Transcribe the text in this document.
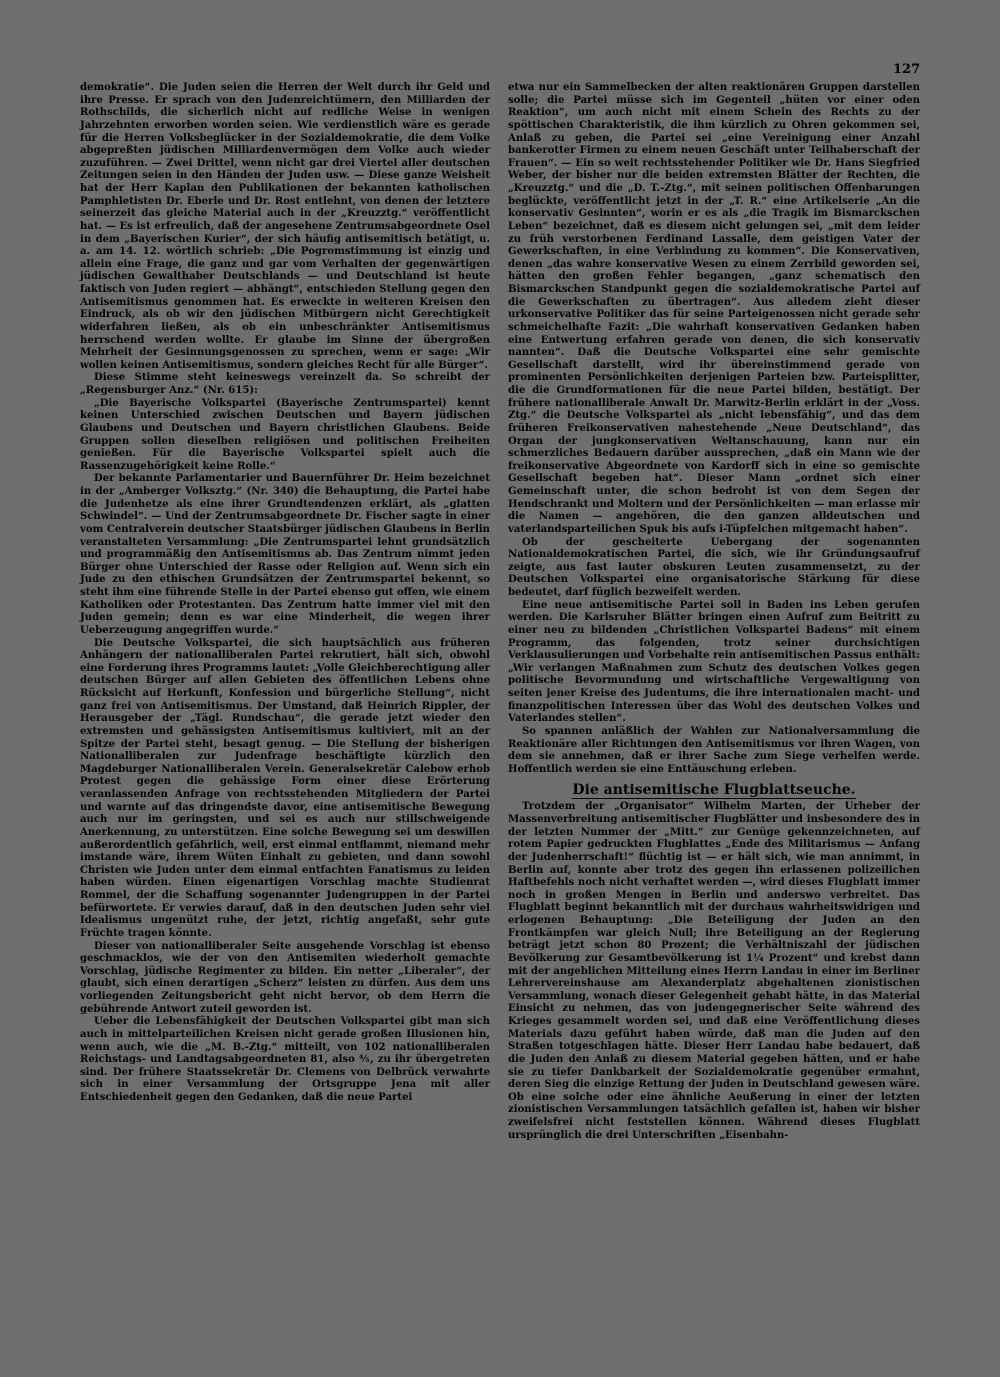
127

demokratie“. Die Juden seien die Herren der Welt durch ihr Geld und ihre Presse. Er sprach von den Judenreichtümern, den Milliarden der Rothschilds, die sicherlich nicht auf redliche Weise in wenigen Jahrzehnten erworben worden seien. Wie verdienstlich wäre es gerade für die Herren Volksbeglücker in der Sozialdemokratie, die dem Volke abgepreßten jüdischen Milliardenvermögen dem Volke auch wieder zuzuführen. — Zwei Drittel, wenn nicht gar drei Viertel aller deutschen Zeitungen seien in den Händen der Juden usw. — Diese ganze Weisheit hat der Herr Kaplan den Publikationen der bekannten katholischen Pamphletisten Dr. Eberle und Dr. Rost entlehnt, von denen der letztere seinerzeit das gleiche Material auch in der „Kreuzztg.“ veröffentlicht hat. — Es ist erfreulich, daß der angesehene Zentrumsabgeordnete Osel in dem „Bayerischen Kurier“, der sich häufig antisemitisch betätigt, u. a. am 14. 12. wörtlich schrieb: „Die Pogromstimmung ist einzig und allein eine Frage, die ganz und gar vom Verhalten der gegenwärtigen jüdischen Gewalthaber Deutschlands — und Deutschland ist heute faktisch von Juden regiert — abhängt“, entschieden Stellung gegen den Antisemitismus genommen hat. Es erweckte in weiteren Kreisen den Eindruck, als ob wir den jüdischen Mitbürgern nicht Gerechtigkeit widerfahren ließen, als ob ein unbeschränkter Antisemitismus herrschend werden wollte. Er glaube im Sinne der übergroßen Mehrheit der Gesinnungsgenossen zu sprechen, wenn er sage: „Wir wollen keinen Antisemitismus, sondern gleiches Recht für alle Bürger“.

Diese Stimme steht keineswegs vereinzelt da. So schreibt der „Regensburger Anz.“ (Nr. 615):

„Die Bayerische Volkspartei (Bayerische Zentrumspartei) kennt keinen Unterschied zwischen Deutschen und Bayern jüdischen Glaubens und Deutschen und Bayern christlichen Glaubens. Beide Gruppen sollen dieselben religiösen und politischen Freiheiten genießen. Für die Bayerische Volkspartei spielt auch die Rassenzugehörigkeit keine Rolle.“

Der bekannte Parlamentarier und Bauernführer Dr. Heim bezeichnet in der „Amberger Volksztg.“ (Nr. 340) die Behauptung, die Partei habe die Judenhetze als eine ihrer Grundtendenzen erklärt, als „glatten Schwindel“. — Und der Zentrumsabgeordnete Dr. Fischer sagte in einer vom Centralverein deutscher Staatsbürger jüdischen Glaubens in Berlin veranstalteten Versammlung: „Die Zentrumspartei lehnt grundsätzlich und programmäßig den Antisemitismus ab. Das Zentrum nimmt jeden Bürger ohne Unterschied der Rasse oder Religion auf. Wenn sich ein Jude zu den ethischen Grundsätzen der Zentrumspartei bekennt, so steht ihm eine führende Stelle in der Partei ebenso gut offen, wie einem Katholiken oder Protestanten. Das Zentrum hatte immer viel mit den Juden gemein; denn es war eine Minderheit, die wegen ihrer Ueberzeugung angegriffen wurde.“

Die Deutsche Volkspartei, die sich hauptsächlich aus früheren Anhängern der nationalliberalen Partei rekrutiert, hält sich, obwohl eine Forderung ihres Programms lautet: „Volle Gleichberechtigung aller deutschen Bürger auf allen Gebieten des öffentlichen Lebens ohne Rücksicht auf Herkunft, Konfession und bürgerliche Stellung“, nicht ganz frei von Antisemitismus. Der Umstand, daß Heinrich Rippler, der Herausgeber der „Tägl. Rundschau“, die gerade jetzt wieder den extremsten und gehässigsten Antisemitismus kultiviert, mit an der Spitze der Partei steht, besagt genug. — Die Stellung der bisherigen Nationalliberalen zur Judenfrage beschäftigte kürzlich den Magdeburger Nationalliberalen Verein. Generalsekretär Calebow erhob Protest gegen die gehässige Form einer diese Erörterung veranlassenden Anfrage von rechtsstehenden Mitgliedern der Partei und warnte auf das dringendste davor, eine antisemitische Bewegung auch nur im geringsten, und sei es auch nur stillschweigende Anerkennung, zu unterstützen. Eine solche Bewegung sei um deswillen außerordentlich gefährlich, weil, erst einmal entflammt, niemand mehr imstande wäre, ihrem Wüten Einhalt zu gebieten, und dann sowohl Christen wie Juden unter dem einmal entfachten Fanatismus zu leiden haben würden. Einen eigenartigen Vorschlag machte Studienrat Rommel, der die Schaffung sogenannter Judengruppen in der Partei befürwortete. Er verwies darauf, daß in den deutschen Juden sehr viel Idealismus ungenützt ruhe, der jetzt, richtig angefaßt, sehr gute Früchte tragen könnte.

Dieser von nationalliberaler Seite ausgehende Vorschlag ist ebenso geschmacklos, wie der von den Antisemiten wiederholt gemachte Vorschlag, jüdische Regimenter zu bilden. Ein netter „Liberaler“, der glaubt, sich einen derartigen „Scherz“ leisten zu dürfen. Aus dem uns vorliegenden Zeitungsbericht geht nicht hervor, ob dem Herrn die gebührende Antwort zuteil geworden ist.

Ueber die Lebensfähigkeit der Deutschen Volkspartei gibt man sich auch in mittelparteilichen Kreisen nicht gerade großen Illusionen hin, wenn auch, wie die „M. B.-Ztg.“ mitteilt, von 102 nationalliberalen Reichstags- und Landtagsabgeordneten 81, also ⅘, zu ihr übergetreten sind. Der frühere Staatssekretär Dr. Clemens von Delbrück verwahrte sich in einer Versammlung der Ortsgruppe Jena mit aller Entschiedenheit gegen den Gedanken, daß die neue Partei

etwa nur ein Sammelbecken der alten reaktionären Gruppen darstellen solle; die Partei müsse sich im Gegenteil „hüten vor einer oden Reaktion“, um auch nicht mit einem Schein des Rechts zu der spöttischen Charakteristik, die ihm kürzlich zu Ohren gekommen sei, Anlaß zu geben, die Partei sei „eine Vereinigung einer Anzahl bankerotter Firmen zu einem neuen Geschäft unter Teilhaberschaft der Frauen“. — Ein so weit rechtsstehender Politiker wie Dr. Hans Siegfried Weber, der bisher nur die beiden extremsten Blätter der Rechten, die „Kreuzztg.“ und die „D. T.-Ztg.“, mit seinen politischen Offenbarungen beglückte, veröffentlicht jetzt in der „T. R.“ eine Artikelserie „An die konservativ Gesinnten“, worin er es als „die Tragik im Bismarckschen Leben“ bezeichnet, daß es diesem nicht gelungen sei, „mit dem leider zu früh verstorbenen Ferdinand Lassalle, dem geistigen Vater der Gewerkschaften, in eine Verbindung zu kommen“. Die Konservativen, denen „das wahre konservative Wesen zu einem Zerrbild geworden sei, hätten den großen Fehler begangen, „ganz schematisch den Bismarckschen Standpunkt gegen die sozialdemokratische Partei auf die Gewerkschaften zu übertragen“. Aus alledem zieht dieser urkonservative Politiker das für seine Parteigenossen nicht gerade sehr schmeichelhafte Fazit: „Die wahrhaft konservativen Gedanken haben eine Entwertung erfahren gerade von denen, die sich konservativ nannten“. Daß die Deutsche Volkspartei eine sehr gemischte Gesellschaft darstellt, wird ihr übereinstimmend gerade von prominenten Persönlichkeiten derjenigen Parteien bzw. Parteisplitter, die die Grundformationen für die neue Partei bilden, bestätigt. Der frühere nationalliberale Anwalt Dr. Marwitz-Berlin erklärt in der „Voss. Ztg.“ die Deutsche Volkspartei als „nicht lebensfähig“, und das dem früheren Freikonservativen nahestehende „Neue Deutschland“, das Organ der jungkonservativen Weltanschauung, kann nur ein schmerzliches Bedauern darüber aussprechen, „daß ein Mann wie der freikonservative Abgeordnete von Kardorff sich in eine so gemischte Gesellschaft begeben hat“. Dieser Mann „ordnet sich einer Gemeinschaft unter, die schon bedroht ist von dem Segen der Hendschrankt und Moltern und der Persönlichkeiten — man erlasse mir die Namen — angehören, die den ganzen alldeutschen und vaterlandsparteilichen Spuk bis aufs i-Tüpfelchen mitgemacht haben“.

Ob der gescheiterte Uebergang der sogenannten Nationaldemokratischen Partei, die sich, wie ihr Gründungsaufruf zeigte, aus fast lauter obskuren Leuten zusammensetzt, zu der Deutschen Volkspartei eine organisatorische Stärkung für diese bedeutet, darf füglich bezweifelt werden.

Eine neue antisemitische Partei soll in Baden ins Leben gerufen werden. Die Karlsruher Blätter bringen einen Aufruf zum Beitritt zu einer neu zu bildenden „Christlichen Volkspartei Badens“ mit einem Programm, das folgenden, trotz seiner durchsichtigen Verklausulierungen und Vorbehalte rein antisemitischen Passus enthält: „Wir verlangen Maßnahmen zum Schutz des deutschen Volkes gegen politische Bevormundung und wirtschaftliche Vergewaltigung von seiten jener Kreise des Judentums, die ihre internationalen macht- und finanzpolitischen Interessen über das Wohl des deutschen Volkes und Vaterlandes stellen“.

So spannen anläßlich der Wahlen zur Nationalversammlung die Reaktionäre aller Richtungen den Antisemitismus vor ihren Wagen, von dem sie annehmen, daß er ihrer Sache zum Siege verhelfen werde. Hoffentlich werden sie eine Enttäuschung erleben.

Die antisemitische Flugblattseuche.

Trotzdem der „Organisator“ Wilhelm Marten, der Urheber der Massenverbreitung antisemitischer Flugblätter und insbesondere des in der letzten Nummer der „Mitt.“ zur Genüge gekennzeichneten, auf rotem Papier gedruckten Flugblattes „Ende des Militarismus — Anfang der Judenherrschaft!“ flüchtig ist — er hält sich, wie man annimmt, in Berlin auf, konnte aber trotz des gegen ihn erlassenen polizeilichen Haftbefehls noch nicht verhaftet werden —, wird dieses Flugblatt immer noch in großen Mengen in Berlin und anderswo verbreitet. Das Flugblatt beginnt bekanntlich mit der durchaus wahrheitswidrigen und erlogenen Behauptung: „Die Beteiligung der Juden an den Frontkämpfen war gleich Null; ihre Beteiligung an der Regierung beträgt jetzt schon 80 Prozent; die Verhältniszahl der jüdischen Bevölkerung zur Gesamtbevölkerung ist 1¼ Prozent“ und krebst dann mit der angeblichen Mitteilung eines Herrn Landau in einer im Berliner Lehrervereinshause am Alexanderplatz abgehaltenen zionistischen Versammlung, wonach dieser Gelegenheit gehabt hätte, in das Material Einsicht zu nehmen, das von judengegnerischer Seite während des Krieges gesammelt worden sei, und daß eine Veröffentlichung dieses Materials dazu geführt haben würde, daß man die Juden auf den Straßen totgeschlagen hätte. Dieser Herr Landau habe bedauert, daß die Juden den Anlaß zu diesem Material gegeben hätten, und er habe sie zu tiefer Dankbarkeit der Sozialdemokratie gegenüber ermahnt, deren Sieg die einzige Rettung der Juden in Deutschland gewesen wäre. Ob eine solche oder eine ähnliche Aeußerung in einer der letzten zionistischen Versammlungen tatsächlich gefallen ist, haben wir bisher zweifelsfrei nicht feststellen können. Während dieses Flugblatt ursprünglich die drei Unterschriften „Eisenbahn-
